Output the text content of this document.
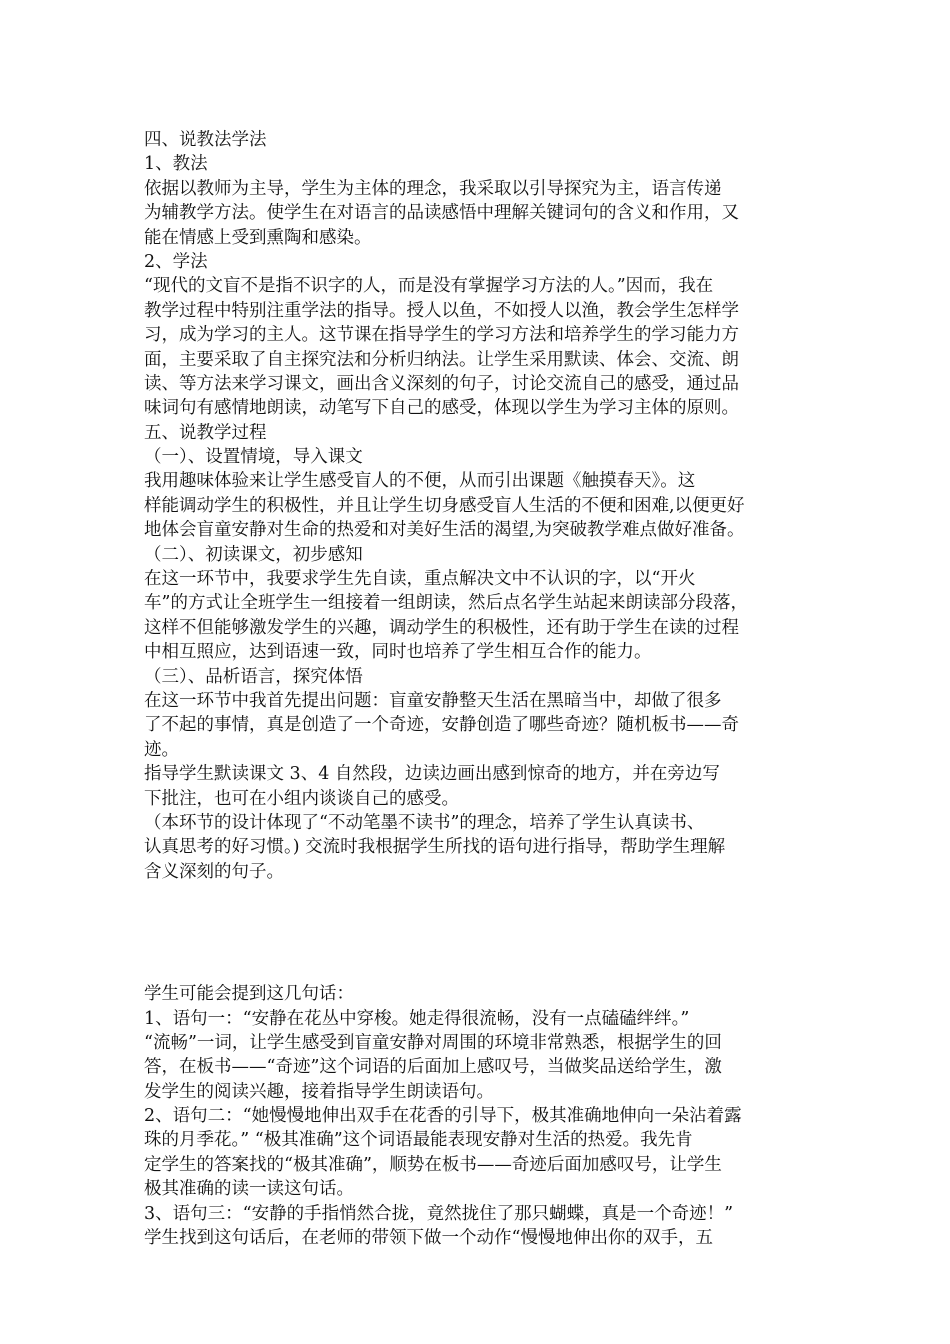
四、说教法学法
1、教法
依据以教师为主导，学生为主体的理念，我采取以引导探究为主，语言传递
为辅教学方法。使学生在对语言的品读感悟中理解关键词句的含义和作用，又
能在情感上受到熏陶和感染。
2、学法
“现代的文盲不是指不识字的人，而是没有掌握学习方法的人。”因而，我在
教学过程中特别注重学法的指导。授人以鱼，不如授人以渔，教会学生怎样学
习，成为学习的主人。这节课在指导学生的学习方法和培养学生的学习能力方
面，主要采取了自主探究法和分析归纳法。让学生采用默读、体会、交流、朗
读、等方法来学习课文，画出含义深刻的句子，讨论交流自己的感受，通过品
味词句有感情地朗读，动笔写下自己的感受，体现以学生为学习主体的原则。
五、说教学过程
（一）、设置情境，导入课文
我用趣味体验来让学生感受盲人的不便，从而引出课题《触摸春天》。这
样能调动学生的积极性，并且让学生切身感受盲人生活的不便和困难,以便更好
地体会盲童安静对生命的热爱和对美好生活的渴望,为突破教学难点做好准备。
（二）、初读课文，初步感知
在这一环节中，我要求学生先自读，重点解决文中不认识的字，以“开火
车”的方式让全班学生一组接着一组朗读，然后点名学生站起来朗读部分段落，
这样不但能够激发学生的兴趣，调动学生的积极性，还有助于学生在读的过程
中相互照应，达到语速一致，同时也培养了学生相互合作的能力。
（三）、品析语言，探究体悟
在这一环节中我首先提出问题：盲童安静整天生活在黑暗当中，却做了很多
了不起的事情，真是创造了一个奇迹，安静创造了哪些奇迹？随机板书——奇
迹。
指导学生默读课文 3、4 自然段，边读边画出感到惊奇的地方，并在旁边写
下批注，也可在小组内谈谈自己的感受。
（本环节的设计体现了“不动笔墨不读书”的理念，培养了学生认真读书、
认真思考的好习惯。) 交流时我根据学生所找的语句进行指导，帮助学生理解
含义深刻的句子。
学生可能会提到这几句话：
1、语句一：“安静在花丛中穿梭。她走得很流畅，没有一点磕磕绊绊。”
“流畅”一词，让学生感受到盲童安静对周围的环境非常熟悉，根据学生的回
答，在板书——“奇迹”这个词语的后面加上感叹号，当做奖品送给学生，激
发学生的阅读兴趣，接着指导学生朗读语句。
2、语句二：“她慢慢地伸出双手在花香的引导下，极其准确地伸向一朵沾着露
珠的月季花。” “极其准确”这个词语最能表现安静对生活的热爱。我先肯
定学生的答案找的“极其准确”，顺势在板书——奇迹后面加感叹号，让学生
极其准确的读一读这句话。
3、语句三：“安静的手指悄然合拢，竟然拢住了那只蝴蝶，真是一个奇迹！”
学生找到这句话后，在老师的带领下做一个动作“慢慢地伸出你的双手，五
